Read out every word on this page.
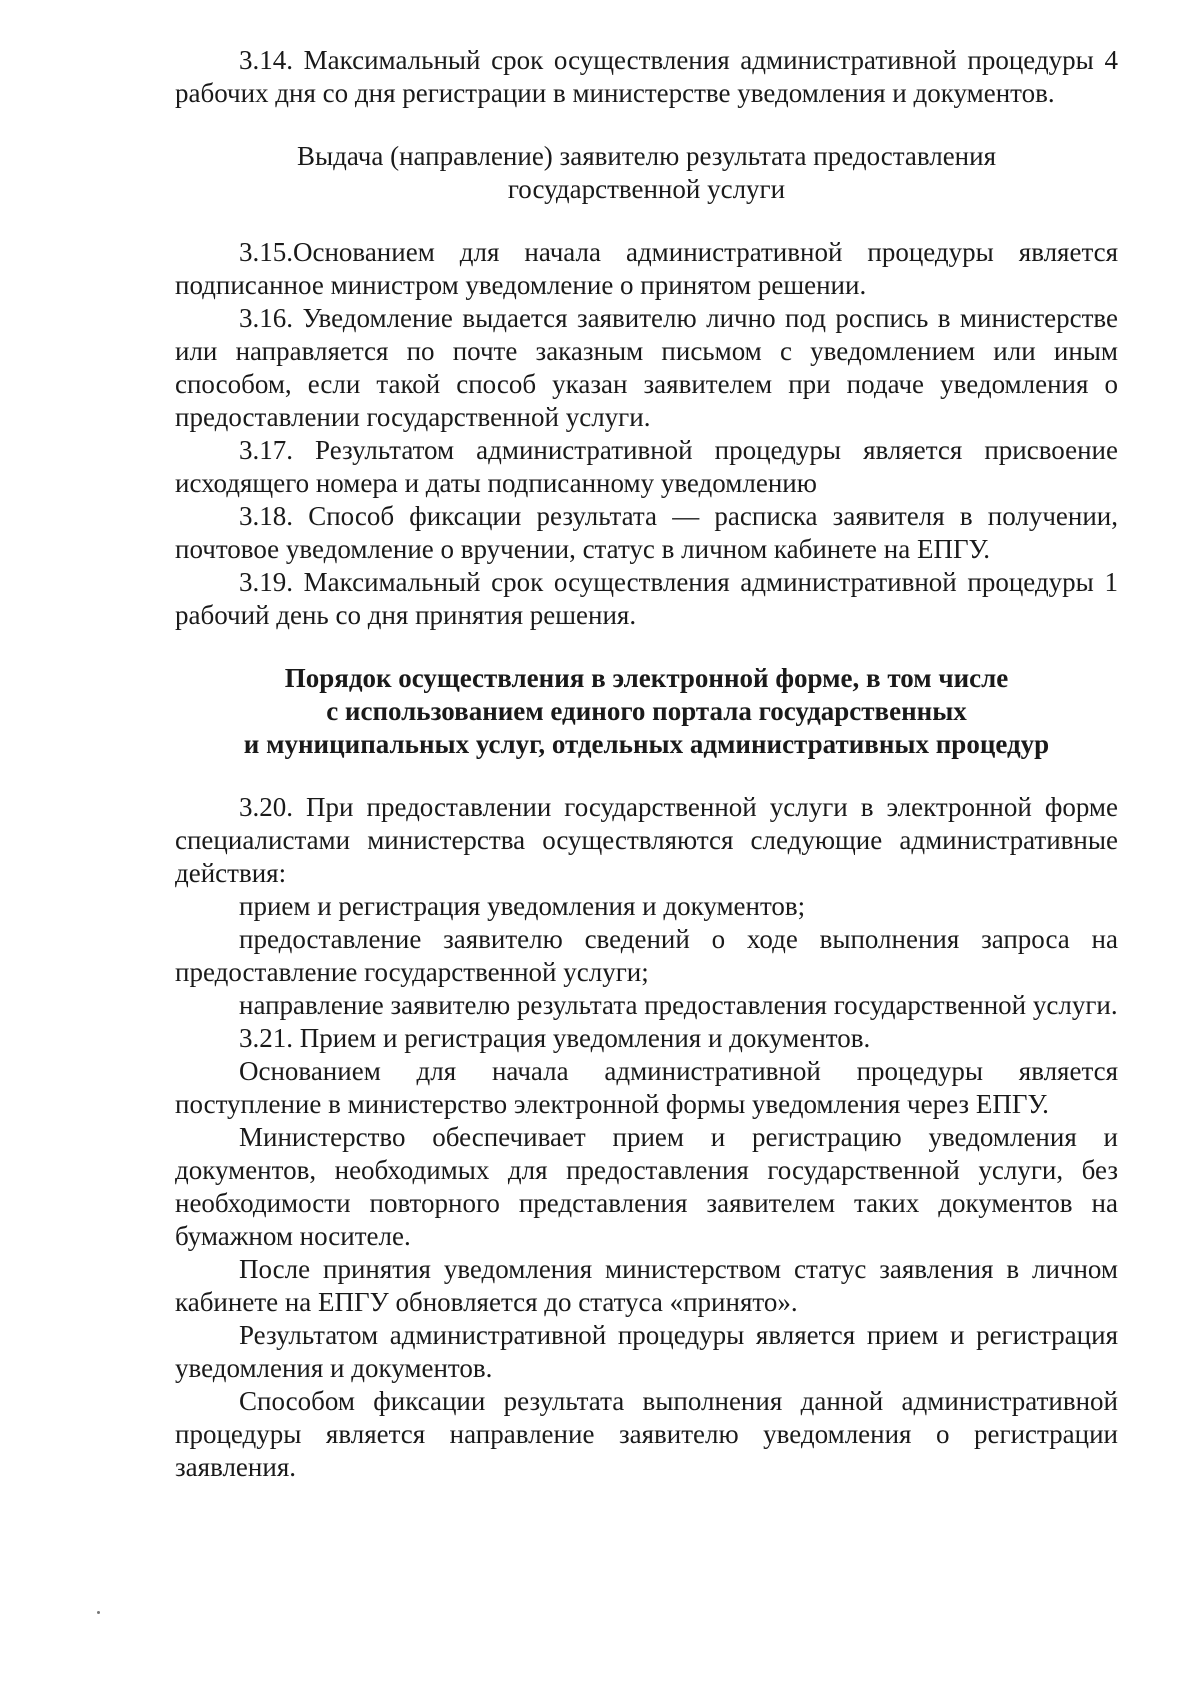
3.14. Максимальный срок осуществления административной процедуры 4 рабочих дня со дня регистрации в министерстве уведомления и документов.

Выдача (направление) заявителю результата предоставления
государственной услуги

3.15.Основанием для начала административной процедуры является подписанное министром уведомление о принятом решении.

3.16. Уведомление выдается заявителю лично под роспись в министерстве или направляется по почте заказным письмом с уведомлением или иным способом, если такой способ указан заявителем при подаче уведомления о предоставлении государственной услуги.

3.17. Результатом административной процедуры является присвоение исходящего номера и даты подписанному уведомлению

3.18. Способ фиксации результата — расписка заявителя в получении, почтовое уведомление о вручении, статус в личном кабинете на ЕПГУ.

3.19. Максимальный срок осуществления административной процедуры 1 рабочий день со дня принятия решения.

Порядок осуществления в электронной форме, в том числе
с использованием единого портала государственных
и муниципальных услуг, отдельных административных процедур

3.20. При предоставлении государственной услуги в электронной форме специалистами министерства осуществляются следующие административные действия:

прием и регистрация уведомления и документов;

предоставление заявителю сведений о ходе выполнения запроса на предоставление государственной услуги;

направление заявителю результата предоставления государственной услуги.

3.21. Прием и регистрация уведомления и документов.

Основанием для начала административной процедуры является поступление в министерство электронной формы уведомления через ЕПГУ.

Министерство обеспечивает прием и регистрацию уведомления и документов, необходимых для предоставления государственной услуги, без необходимости повторного представления заявителем таких документов на бумажном носителе.

После принятия уведомления министерством статус заявления в личном кабинете на ЕПГУ обновляется до статуса «принято».

Результатом административной процедуры является прием и регистрация уведомления и документов.

Способом фиксации результата выполнения данной административной процедуры является направление заявителю уведомления о регистрации заявления.
